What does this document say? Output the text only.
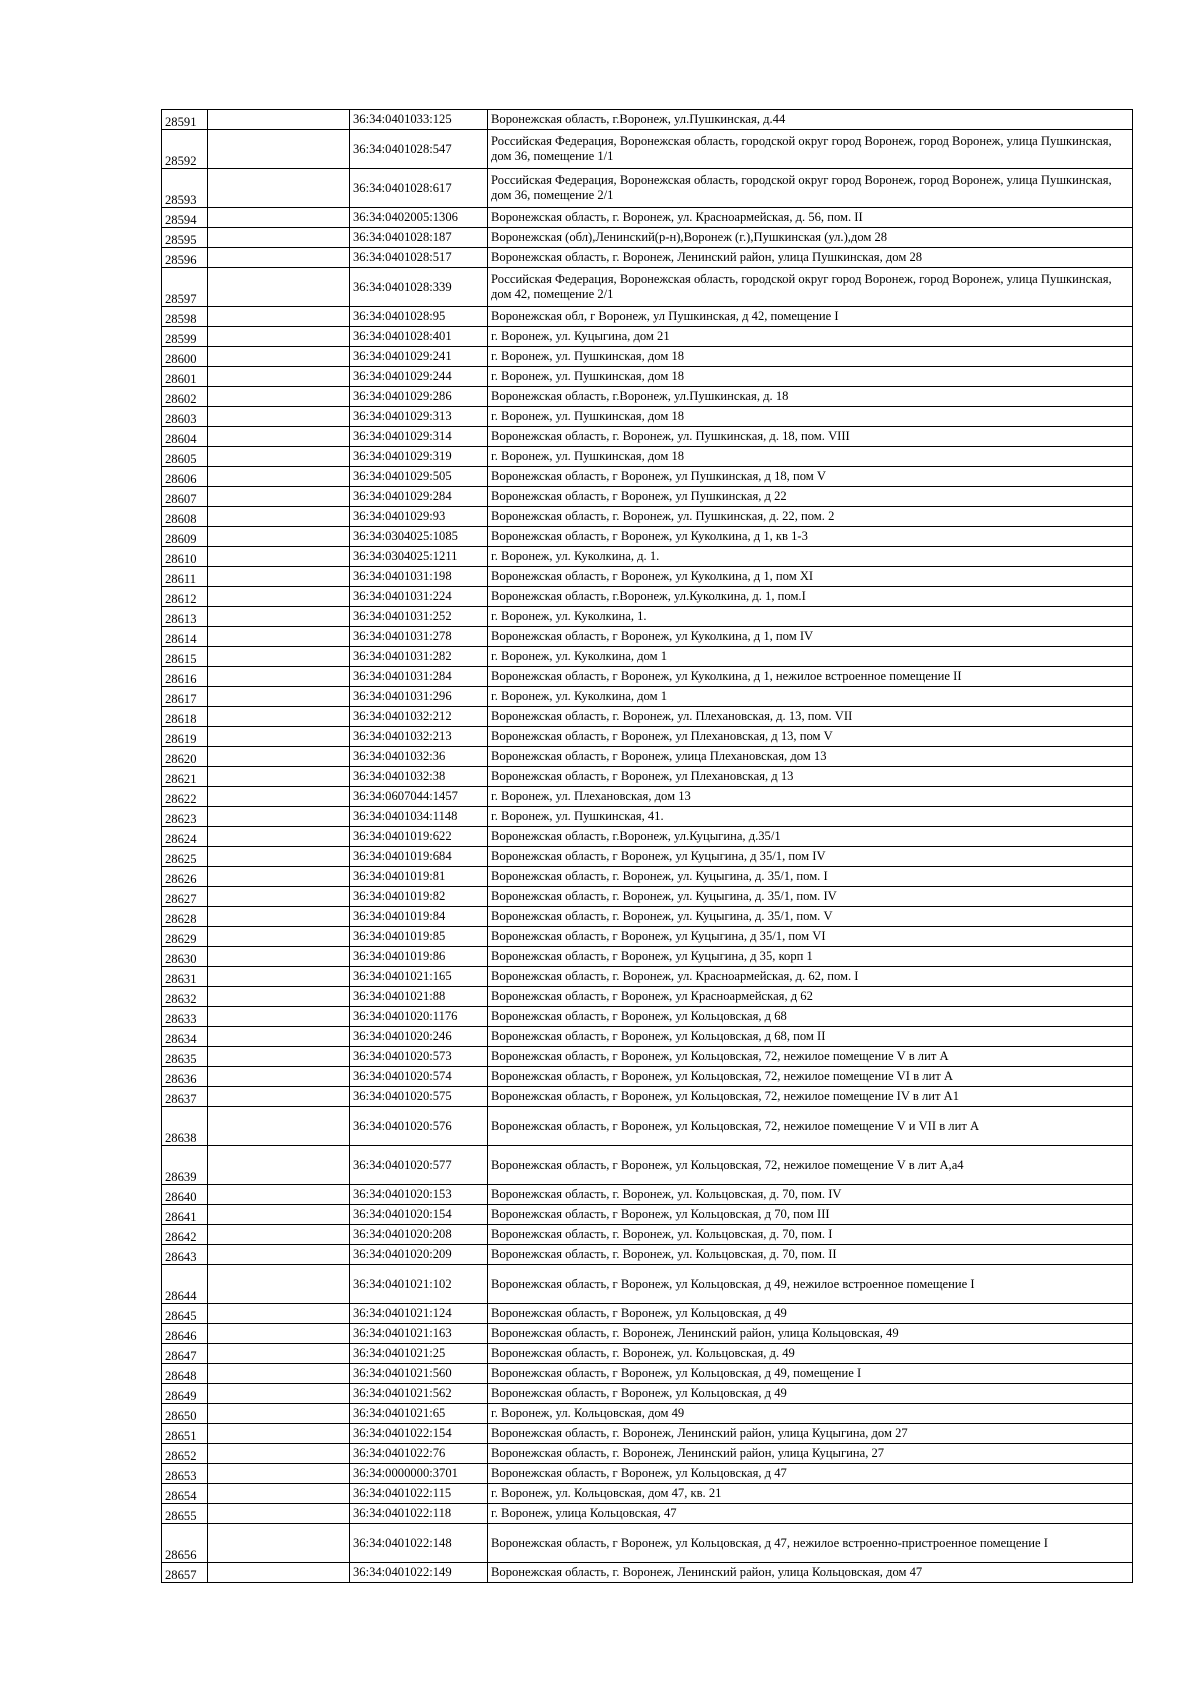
28591		36:34:0401033:125	Воронежская область, г.Воронеж, ул.Пушкинская, д.44
28592		36:34:0401028:547	Российская Федерация, Воронежская область, городской округ город Воронеж, город Воронеж, улица Пушкинская, дом 36, помещение 1/1
28593		36:34:0401028:617	Российская Федерация, Воронежская область, городской округ город Воронеж, город Воронеж, улица Пушкинская, дом 36, помещение 2/1
28594		36:34:0402005:1306	Воронежская область, г. Воронеж, ул. Красноармейская, д. 56, пом. II
28595		36:34:0401028:187	Воронежская (обл),Ленинский(р-н),Воронеж (г.),Пушкинская (ул.),дом 28
28596		36:34:0401028:517	Воронежская область, г. Воронеж, Ленинский район, улица Пушкинская, дом 28
28597		36:34:0401028:339	Российская Федерация, Воронежская область, городской округ город Воронеж, город Воронеж, улица Пушкинская, дом 42, помещение 2/1
28598		36:34:0401028:95	Воронежская обл, г Воронеж, ул Пушкинская, д 42, помещение I
28599		36:34:0401028:401	г. Воронеж, ул. Куцыгина, дом 21
28600		36:34:0401029:241	г. Воронеж, ул. Пушкинская, дом 18
28601		36:34:0401029:244	г. Воронеж, ул. Пушкинская, дом 18
28602		36:34:0401029:286	Воронежская область, г.Воронеж, ул.Пушкинская, д. 18
28603		36:34:0401029:313	г. Воронеж, ул. Пушкинская, дом 18
28604		36:34:0401029:314	Воронежская область, г. Воронеж, ул. Пушкинская, д. 18, пом. VIII
28605		36:34:0401029:319	г. Воронеж, ул. Пушкинская, дом 18
28606		36:34:0401029:505	Воронежская область, г Воронеж, ул Пушкинская, д 18, пом V
28607		36:34:0401029:284	Воронежская область, г Воронеж, ул Пушкинская, д 22
28608		36:34:0401029:93	Воронежская область, г. Воронеж, ул. Пушкинская, д. 22, пом. 2
28609		36:34:0304025:1085	Воронежская область, г Воронеж, ул Куколкина, д 1, кв 1-3
28610		36:34:0304025:1211	г. Воронеж, ул. Куколкина, д. 1.
28611		36:34:0401031:198	Воронежская область, г Воронеж, ул Куколкина, д 1, пом XI
28612		36:34:0401031:224	Воронежская область, г.Воронеж, ул.Куколкина, д. 1, пом.I
28613		36:34:0401031:252	г. Воронеж, ул. Куколкина, 1.
28614		36:34:0401031:278	Воронежская область, г Воронеж, ул Куколкина, д 1, пом IV
28615		36:34:0401031:282	г. Воронеж, ул. Куколкина, дом 1
28616		36:34:0401031:284	Воронежская область, г Воронеж, ул Куколкина, д 1, нежилое встроенное помещение II
28617		36:34:0401031:296	г. Воронеж, ул. Куколкина, дом 1
28618		36:34:0401032:212	Воронежская область, г. Воронеж, ул. Плехановская, д. 13, пом. VII
28619		36:34:0401032:213	Воронежская область, г Воронеж, ул Плехановская, д 13, пом V
28620		36:34:0401032:36	Воронежская область, г Воронеж, улица Плехановская, дом 13
28621		36:34:0401032:38	Воронежская область, г Воронеж, ул Плехановская, д 13
28622		36:34:0607044:1457	г. Воронеж, ул. Плехановская, дом 13
28623		36:34:0401034:1148	г. Воронеж, ул. Пушкинская, 41.
28624		36:34:0401019:622	Воронежская область, г.Воронеж, ул.Куцыгина, д.35/1
28625		36:34:0401019:684	Воронежская область, г Воронеж, ул Куцыгина, д 35/1, пом IV
28626		36:34:0401019:81	Воронежская область, г. Воронеж, ул. Куцыгина, д. 35/1, пом. I
28627		36:34:0401019:82	Воронежская область, г. Воронеж, ул. Куцыгина, д. 35/1, пом. IV
28628		36:34:0401019:84	Воронежская область, г. Воронеж, ул. Куцыгина, д. 35/1, пом. V
28629		36:34:0401019:85	Воронежская область, г Воронеж, ул Куцыгина, д 35/1, пом VI
28630		36:34:0401019:86	Воронежская область, г Воронеж, ул Куцыгина, д 35, корп 1
28631		36:34:0401021:165	Воронежская область, г. Воронеж, ул. Красноармейская, д. 62, пом. I
28632		36:34:0401021:88	Воронежская область, г Воронеж, ул Красноармейская, д 62
28633		36:34:0401020:1176	Воронежская область, г Воронеж, ул Кольцовская, д 68
28634		36:34:0401020:246	Воронежская область, г Воронеж, ул Кольцовская, д 68, пом II
28635		36:34:0401020:573	Воронежская область, г Воронеж, ул Кольцовская, 72, нежилое помещение V в лит А
28636		36:34:0401020:574	Воронежская область, г Воронеж, ул Кольцовская, 72, нежилое помещение VI в лит А
28637		36:34:0401020:575	Воронежская область, г Воронеж, ул Кольцовская, 72, нежилое помещение IV в лит А1
28638		36:34:0401020:576	Воронежская область, г Воронеж, ул Кольцовская, 72, нежилое помещение V и VII в лит А
28639		36:34:0401020:577	Воронежская область, г Воронеж, ул Кольцовская, 72, нежилое помещение V в лит А,а4
28640		36:34:0401020:153	Воронежская область, г. Воронеж, ул. Кольцовская, д. 70, пом. IV
28641		36:34:0401020:154	Воронежская область, г Воронеж, ул Кольцовская, д 70, пом III
28642		36:34:0401020:208	Воронежская область, г. Воронеж, ул. Кольцовская, д. 70, пом. I
28643		36:34:0401020:209	Воронежская область, г. Воронеж, ул. Кольцовская, д. 70, пом. II
28644		36:34:0401021:102	Воронежская область, г Воронеж, ул Кольцовская, д 49, нежилое встроенное помещение I
28645		36:34:0401021:124	Воронежская область, г Воронеж, ул Кольцовская, д 49
28646		36:34:0401021:163	Воронежская область, г. Воронеж, Ленинский район, улица Кольцовская, 49
28647		36:34:0401021:25	Воронежская область, г. Воронеж, ул. Кольцовская, д. 49
28648		36:34:0401021:560	Воронежская область, г Воронеж, ул Кольцовская, д 49, помещение I
28649		36:34:0401021:562	Воронежская область, г Воронеж, ул Кольцовская, д 49
28650		36:34:0401021:65	г. Воронеж, ул. Кольцовская, дом 49
28651		36:34:0401022:154	Воронежская область, г. Воронеж, Ленинский район, улица Куцыгина, дом 27
28652		36:34:0401022:76	Воронежская область, г. Воронеж, Ленинский район, улица Куцыгина, 27
28653		36:34:0000000:3701	Воронежская область, г Воронеж, ул Кольцовская, д 47
28654		36:34:0401022:115	г. Воронеж, ул. Кольцовская, дом 47, кв. 21
28655		36:34:0401022:118	г. Воронеж, улица Кольцовская, 47
28656		36:34:0401022:148	Воронежская область, г Воронеж, ул Кольцовская, д 47, нежилое встроенно-пристроенное помещение I
28657		36:34:0401022:149	Воронежская область, г. Воронеж, Ленинский район, улица Кольцовская, дом 47
